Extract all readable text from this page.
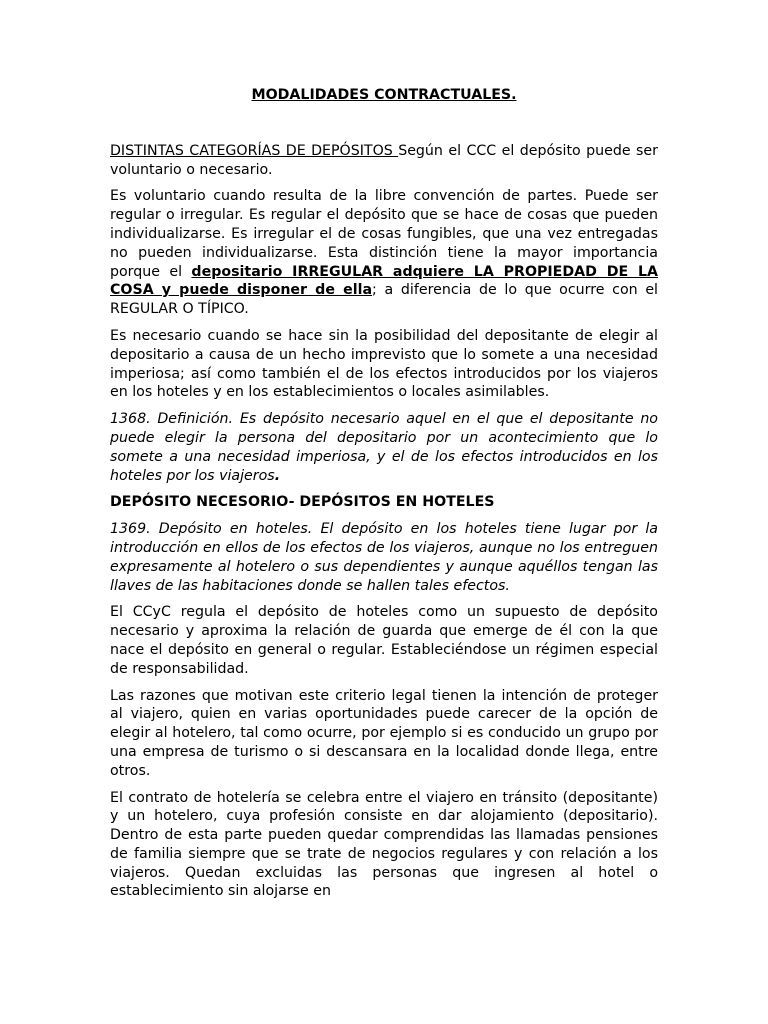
MODALIDADES CONTRACTUALES.

DISTINTAS CATEGORÍAS DE DEPÓSITOS Según el CCC el depósito puede ser voluntario o necesario.

Es voluntario cuando resulta de la libre convención de partes. Puede ser regular o irregular. Es regular el depósito que se hace de cosas que pueden individualizarse. Es irregular el de cosas fungibles, que una vez entregadas no pueden individualizarse. Esta distinción tiene la mayor importancia porque el depositario IRREGULAR adquiere LA PROPIEDAD DE LA COSA y puede disponer de ella; a diferencia de lo que ocurre con el REGULAR O TÍPICO.

Es necesario cuando se hace sin la posibilidad del depositante de elegir al depositario a causa de un hecho imprevisto que lo somete a una necesidad imperiosa; así como también el de los efectos introducidos por los viajeros en los hoteles y en los establecimientos o locales asimilables.

1368. Definición. Es depósito necesario aquel en el que el depositante no puede elegir la persona del depositario por un acontecimiento que lo somete a una necesidad imperiosa, y el de los efectos introducidos en los hoteles por los viajeros.

DEPÓSITO NECESORIO- DEPÓSITOS EN HOTELES

1369. Depósito en hoteles. El depósito en los hoteles tiene lugar por la introducción en ellos de los efectos de los viajeros, aunque no los entreguen expresamente al hotelero o sus dependientes y aunque aquéllos tengan las llaves de las habitaciones donde se hallen tales efectos.

El CCyC regula el depósito de hoteles como un supuesto de depósito necesario y aproxima la relación de guarda que emerge de él con la que nace el depósito en general o regular. Estableciéndose un régimen especial de responsabilidad.

Las razones que motivan este criterio legal tienen la intención de proteger al viajero, quien en varias oportunidades puede carecer de la opción de elegir al hotelero, tal como ocurre, por ejemplo si es conducido un grupo por una empresa de turismo o si descansara en la localidad donde llega, entre otros.

El contrato de hotelería se celebra entre el viajero en tránsito (depositante) y un hotelero, cuya profesión consiste en dar alojamiento (depositario). Dentro de esta parte pueden quedar comprendidas las llamadas pensiones de familia siempre que se trate de negocios regulares y con relación a los viajeros. Quedan excluidas las personas que ingresen al hotel o establecimiento sin alojarse en
